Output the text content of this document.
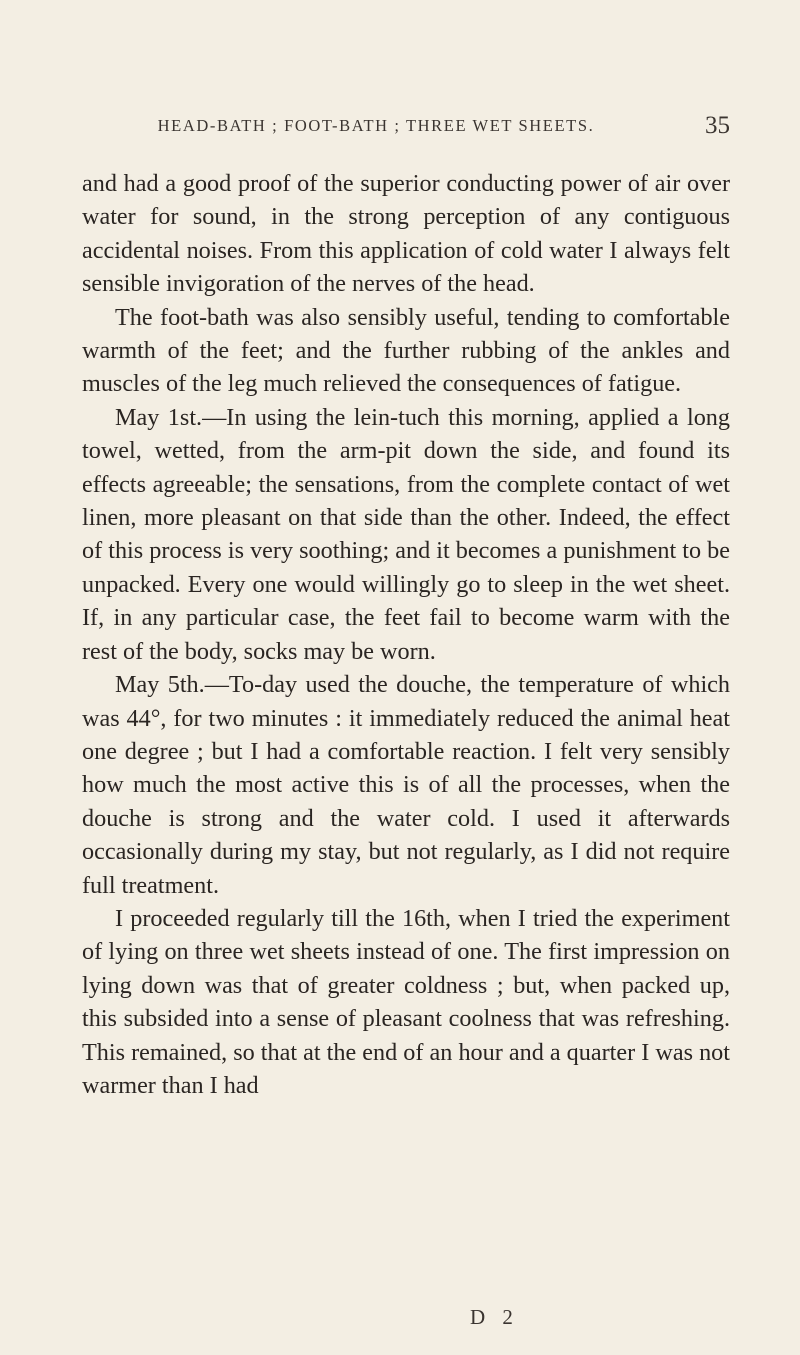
HEAD-BATH ; FOOT-BATH ; THREE WET SHEETS.	35

and had a good proof of the superior conducting power of air over water for sound, in the strong perception of any contiguous accidental noises. From this application of cold water I always felt sensible invigoration of the nerves of the head.

The foot-bath was also sensibly useful, tending to comfortable warmth of the feet; and the further rubbing of the ankles and muscles of the leg much relieved the consequences of fatigue.

May 1st.—In using the lein-tuch this morning, applied a long towel, wetted, from the arm-pit down the side, and found its effects agreeable; the sensations, from the complete contact of wet linen, more pleasant on that side than the other. Indeed, the effect of this process is very soothing; and it becomes a punishment to be unpacked. Every one would willingly go to sleep in the wet sheet. If, in any particular case, the feet fail to become warm with the rest of the body, socks may be worn.

May 5th.—To-day used the douche, the temperature of which was 44°, for two minutes : it immediately reduced the animal heat one degree ; but I had a comfortable reaction. I felt very sensibly how much the most active this is of all the processes, when the douche is strong and the water cold. I used it afterwards occasionally during my stay, but not regularly, as I did not require full treatment.

I proceeded regularly till the 16th, when I tried the experiment of lying on three wet sheets instead of one. The first impression on lying down was that of greater coldness ; but, when packed up, this subsided into a sense of pleasant coolness that was refreshing. This remained, so that at the end of an hour and a quarter I was not warmer than I had

D 2
